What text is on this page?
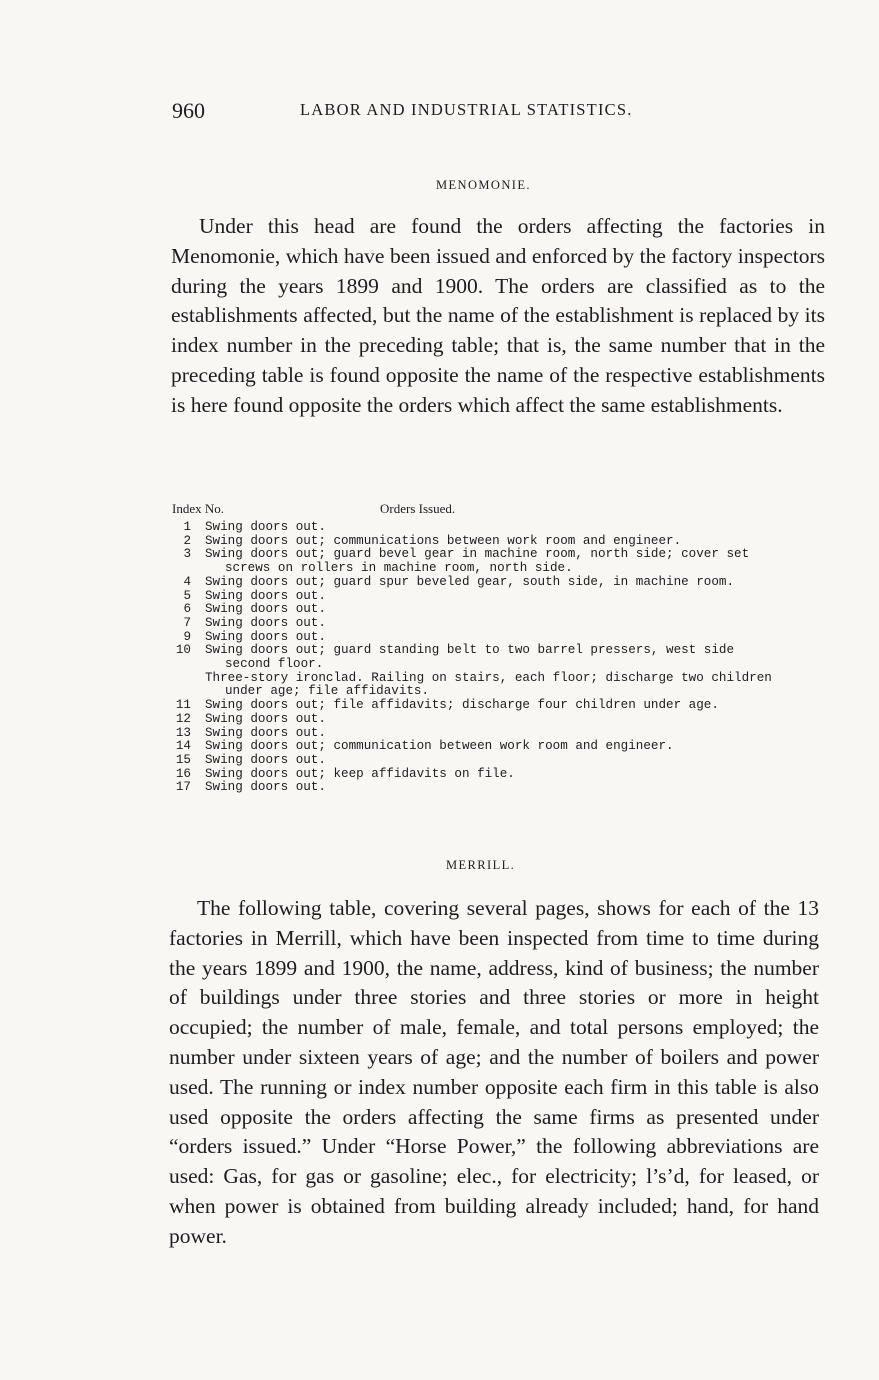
960	LABOR AND INDUSTRIAL STATISTICS.
MENOMONIE.

Under this head are found the orders affecting the factories in Menomonie, which have been issued and enforced by the factory inspectors during the years 1899 and 1900. The orders are classified as to the establishments affected, but the name of the establishment is replaced by its index number in the preceding table; that is, the same number that in the preceding table is found opposite the name of the respective establishments is here found opposite the orders which affect the same establishments.

Index No.	Orders Issued.
1 Swing doors out.
2 Swing doors out; communications between work room and engineer.
3 Swing doors out; guard bevel gear in machine room, north side; cover set
screws on rollers in machine room, north side.
4 Swing doors out; guard spur beveled gear, south side, in machine room.
5 Swing doors out.
6 Swing doors out.
7 Swing doors out.
9 Swing doors out.
10 Swing doors out; guard standing belt to two barrel pressers, west side
second floor.
Three-story ironclad. Railing on stairs, each floor; discharge two children
under age; file affidavits.
11 Swing doors out; file affidavits; discharge four children under age.
12 Swing doors out.
13 Swing doors out.
14 Swing doors out; communication between work room and engineer.
15 Swing doors out.
16 Swing doors out; keep affidavits on file.
17 Swing doors out.
MERRILL.

The following table, covering several pages, shows for each of the 13 factories in Merrill, which have been inspected from time to time during the years 1899 and 1900, the name, address, kind of business; the number of buildings under three stories and three stories or more in height occupied; the number of male, female, and total persons employed; the number under sixteen years of age; and the number of boilers and power used. The running or index number opposite each firm in this table is also used opposite the orders affecting the same firms as presented under “orders issued.” Under “Horse Power,” the following abbreviations are used: Gas, for gas or gasoline; elec., for electricity; l’s’d, for leased, or when power is obtained from building already included; hand, for hand power.
